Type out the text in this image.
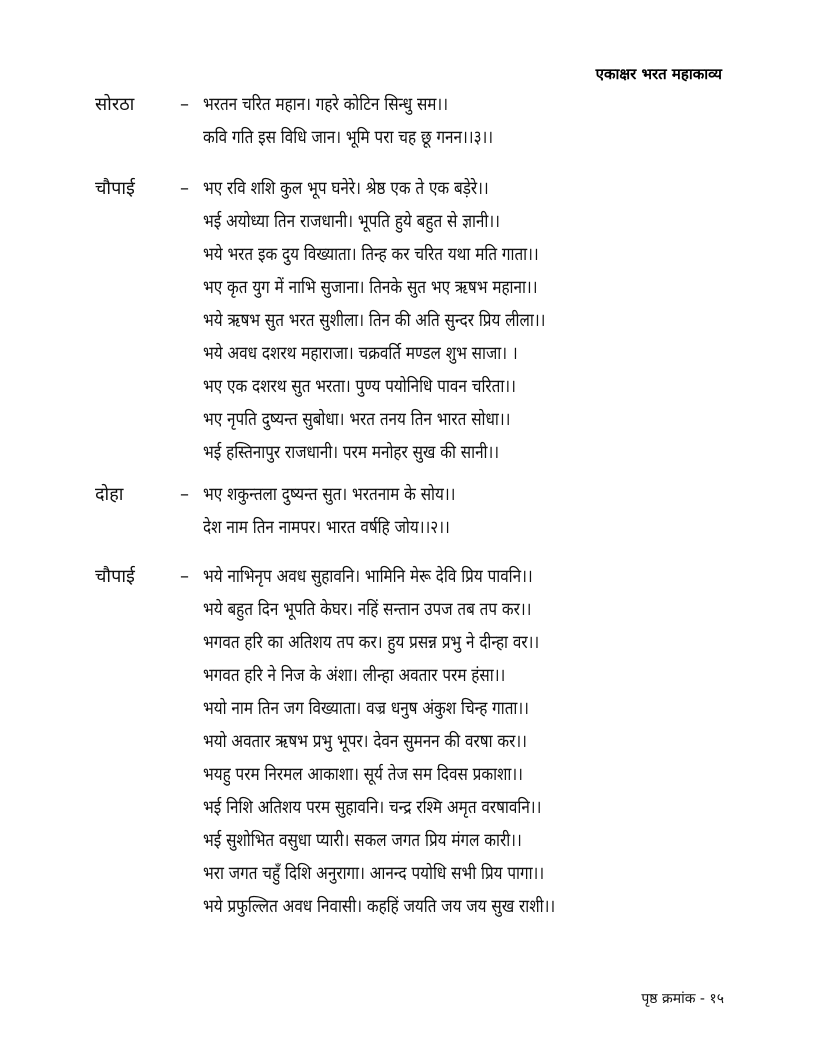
एकाक्षर भरत महाकाव्य
सोरठा	– भरतन चरित महान। गहरे कोटिन सिन्धु सम।।
कवि गति इस विधि जान। भूमि परा चह छू गनन।।३।।
चौपाई	– भए रवि शशि कुल भूप घनेरे। श्रेष्ठ एक ते एक बड़ेरे।।
भई अयोध्या तिन राजधानी। भूपति हुये बहुत से ज्ञानी।।
भये भरत इक दुय विख्याता। तिन्ह कर चरित यथा मति गाता।।
भए कृत युग में नाभि सुजाना। तिनके सुत भए ऋषभ महाना।।
भये ऋषभ सुत भरत सुशीला। तिन की अति सुन्दर प्रिय लीला।।
भये अवध दशरथ महाराजा। चक्रवर्ति मण्डल शुभ साजा। ।
भए एक दशरथ सुत भरता। पुण्य पयोनिधि पावन चरिता।।
भए नृपति दुष्यन्त सुबोधा। भरत तनय तिन भारत सोधा।।
भई हस्तिनापुर राजधानी। परम मनोहर सुख की सानी।।
दोहा	– भए शकुन्तला दुष्यन्त सुत। भरतनाम के सोय।।
देश नाम तिन नामपर। भारत वर्षहि जोय।।२।।
चौपाई	– भये नाभिनृप अवध सुहावनि। भामिनि मेरू देवि प्रिय पावनि।।
भये बहुत दिन भूपति केघर। नहिं सन्तान उपज तब तप कर।।
भगवत हरि का अतिशय तप कर। हुय प्रसन्न प्रभु ने दीन्हा वर।।
भगवत हरि ने निज के अंशा। लीन्हा अवतार परम हंसा।।
भयो नाम तिन जग विख्याता। वज्र धनुष अंकुश चिन्ह गाता।।
भयो अवतार ऋषभ प्रभु भूपर। देवन सुमनन की वरषा कर।।
भयहु परम निरमल आकाशा। सूर्य तेज सम दिवस प्रकाशा।।
भई निशि अतिशय परम सुहावनि। चन्द्र रश्मि अमृत वरषावनि।।
भई सुशोभित वसुधा प्यारी। सकल जगत प्रिय मंगल कारी।।
भरा जगत चहुँ दिशि अनुरागा। आनन्द पयोधि सभी प्रिय पागा।।
भये प्रफुल्लित अवध निवासी। कहहिं जयति जय जय सुख राशी।।
पृष्ठ क्रमांक - १५
